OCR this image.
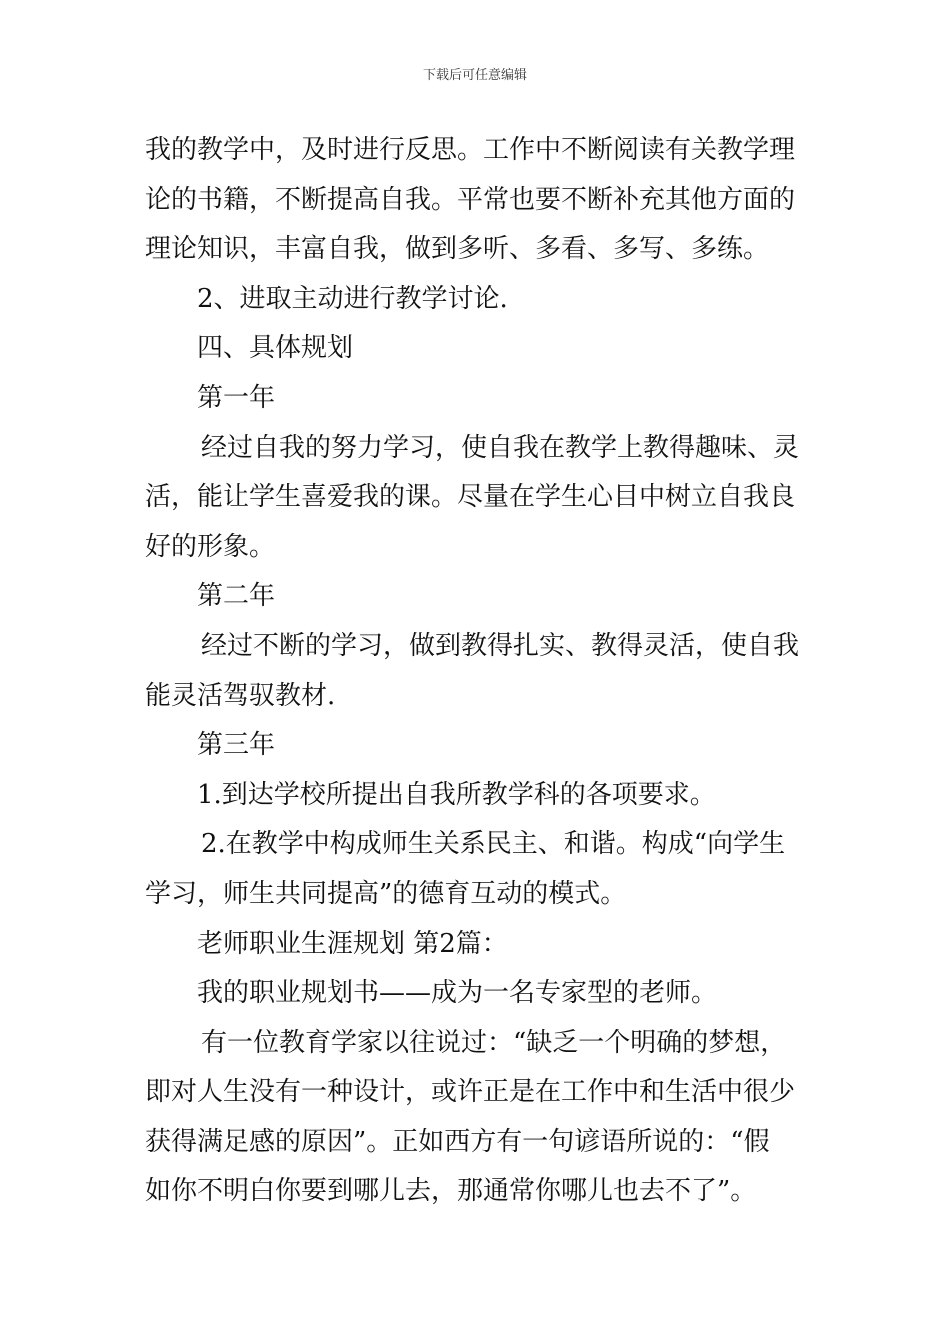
下载后可任意编辑

我的教学中，及时进行反思。工作中不断阅读有关教学理

论的书籍，不断提高自我。平常也要不断补充其他方面的

理论知识，丰富自我，做到多听、多看、多写、多练。

2、进取主动进行教学讨论.

四、具体规划

第一年

经过自我的努力学习，使自我在教学上教得趣味、灵

活，能让学生喜爱我的课。尽量在学生心目中树立自我良

好的形象。

第二年

经过不断的学习，做到教得扎实、教得灵活，使自我

能灵活驾驭教材.

第三年

1.到达学校所提出自我所教学科的各项要求。

2.在教学中构成师生关系民主、和谐。构成“向学生

学习，师生共同提高”的德育互动的模式。

老师职业生涯规划 第2篇：

我的职业规划书——成为一名专家型的老师。

有一位教育学家以往说过：“缺乏一个明确的梦想，

即对人生没有一种设计，或许正是在工作中和生活中很少

获得满足感的原因”。正如西方有一句谚语所说的：“假

如你不明白你要到哪儿去，那通常你哪儿也去不了”。
